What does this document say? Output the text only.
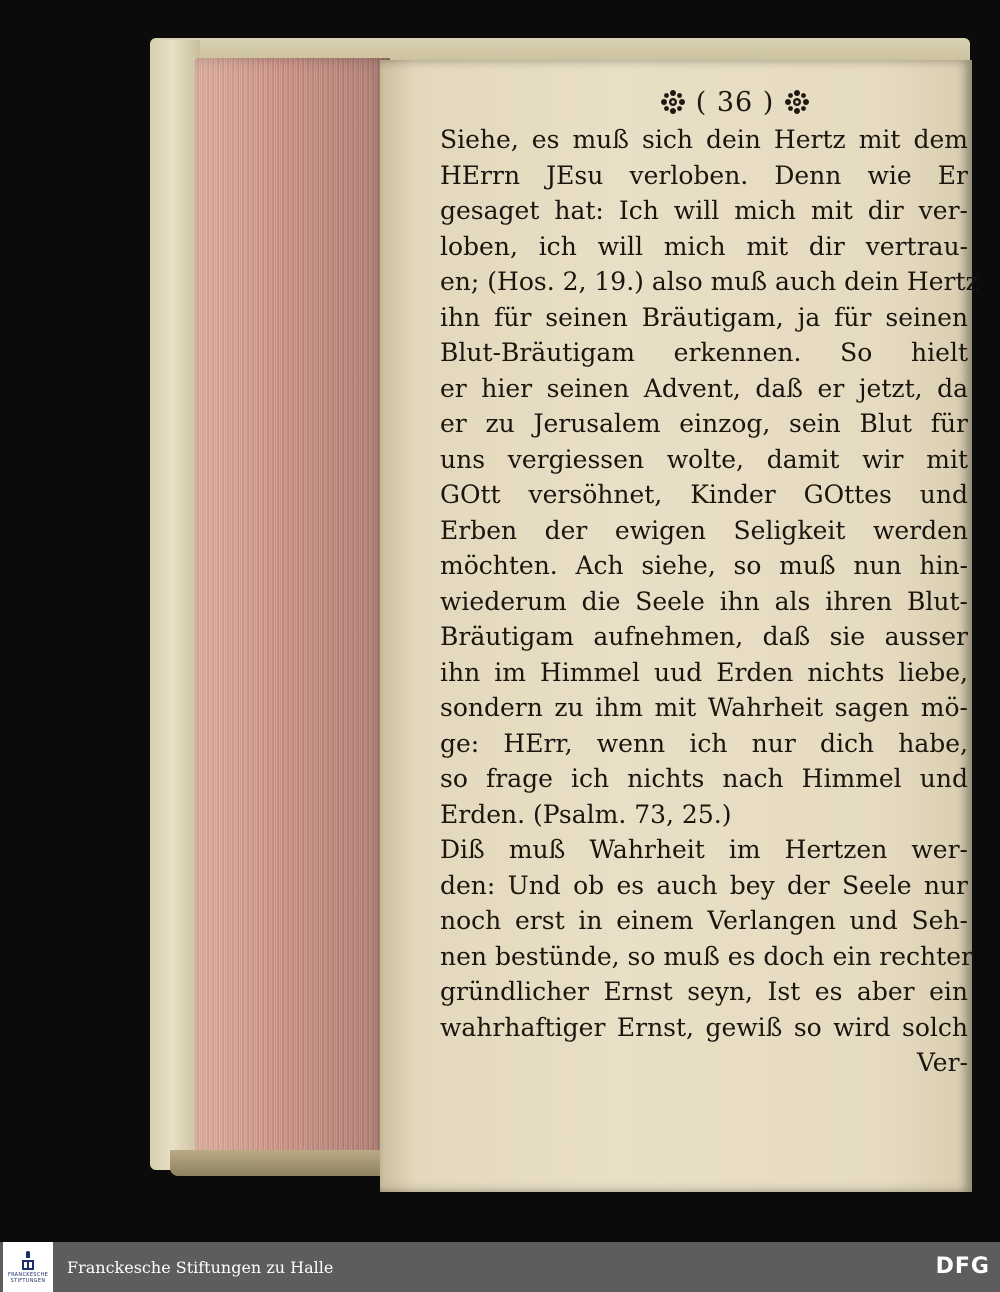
( 36 )
Siehe, es muß sich dein Hertz mit dem
HErrn JEsu verloben. Denn wie Er
gesaget hat: Ich will mich mit dir ver-
loben, ich will mich mit dir vertrau-
en; (Hos. 2, 19.) also muß auch dein Hertz
ihn für seinen Bräutigam, ja für seinen
Blut-Bräutigam erkennen. So hielt
er hier seinen Advent, daß er jetzt, da
er zu Jerusalem einzog, sein Blut für
uns vergiessen wolte, damit wir mit
GOtt versöhnet, Kinder GOttes und
Erben der ewigen Seligkeit werden
möchten. Ach siehe, so muß nun hin-
wiederum die Seele ihn als ihren Blut-
Bräutigam aufnehmen, daß sie ausser
ihn im Himmel uud Erden nichts liebe,
sondern zu ihm mit Wahrheit sagen mö-
ge: HErr, wenn ich nur dich habe,
so frage ich nichts nach Himmel und
Erden. (Psalm. 73, 25.)
Diß muß Wahrheit im Hertzen wer-
den: Und ob es auch bey der Seele nur
noch erst in einem Verlangen und Seh-
nen bestünde, so muß es doch ein rechter
gründlicher Ernst seyn, Ist es aber ein
wahrhaftiger Ernst, gewiß so wird solch
Ver-
FRANCKESCHE
STIFTUNGEN
Franckesche Stiftungen zu Halle	DFG
